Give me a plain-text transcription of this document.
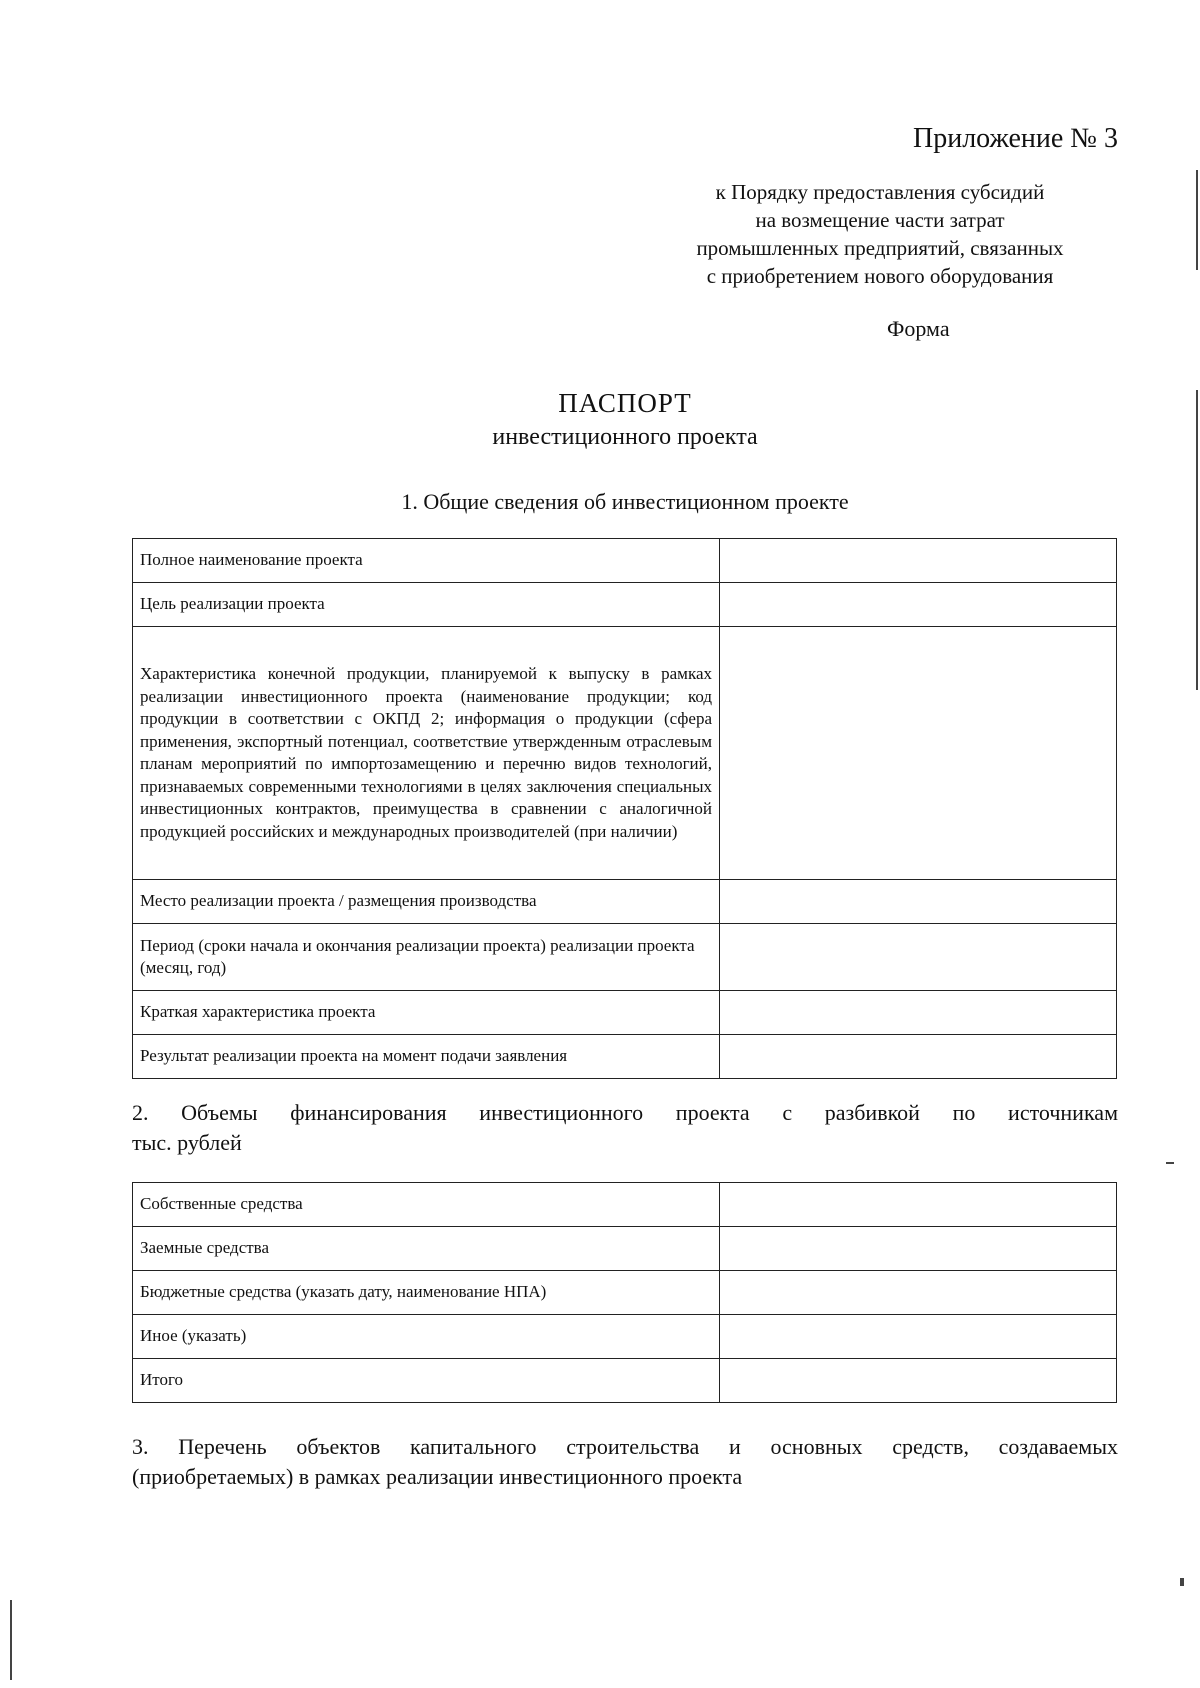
Приложение № 3
к Порядку предоставления субсидий
на возмещение части затрат
промышленных предприятий, связанных
с приобретением нового оборудования
Форма
ПАСПОРТ
инвестиционного проекта
1. Общие сведения об инвестиционном проекте
Полное наименование проекта	
Цель реализации проекта	
Характеристика конечной продукции, планируемой к выпуску в рамках реализации инвестиционного проекта (наименование продукции; код продукции в соответствии с ОКПД 2; информация о продукции (сфера применения, экспортный потенциал, соответствие утвержденным отраслевым планам мероприятий по импортозамещению и перечню видов технологий, признаваемых современными технологиями в целях заключения специальных инвестиционных контрактов, преимущества в сравнении с аналогичной продукцией российских и международных производителей (при наличии)	
Место реализации проекта / размещения производства	
Период (сроки начала и окончания реализации проекта) реализации проекта (месяц, год)	
Краткая характеристика проекта	
Результат реализации проекта на момент подачи заявления	
2. Объемы финансирования инвестиционного проекта с разбивкой по источникам
тыс. рублей
Собственные средства	
Заемные средства	
Бюджетные средства (указать дату, наименование НПА)	
Иное (указать)	
Итого	
3. Перечень объектов капитального строительства и основных средств, создаваемых
(приобретаемых) в рамках реализации инвестиционного проекта
